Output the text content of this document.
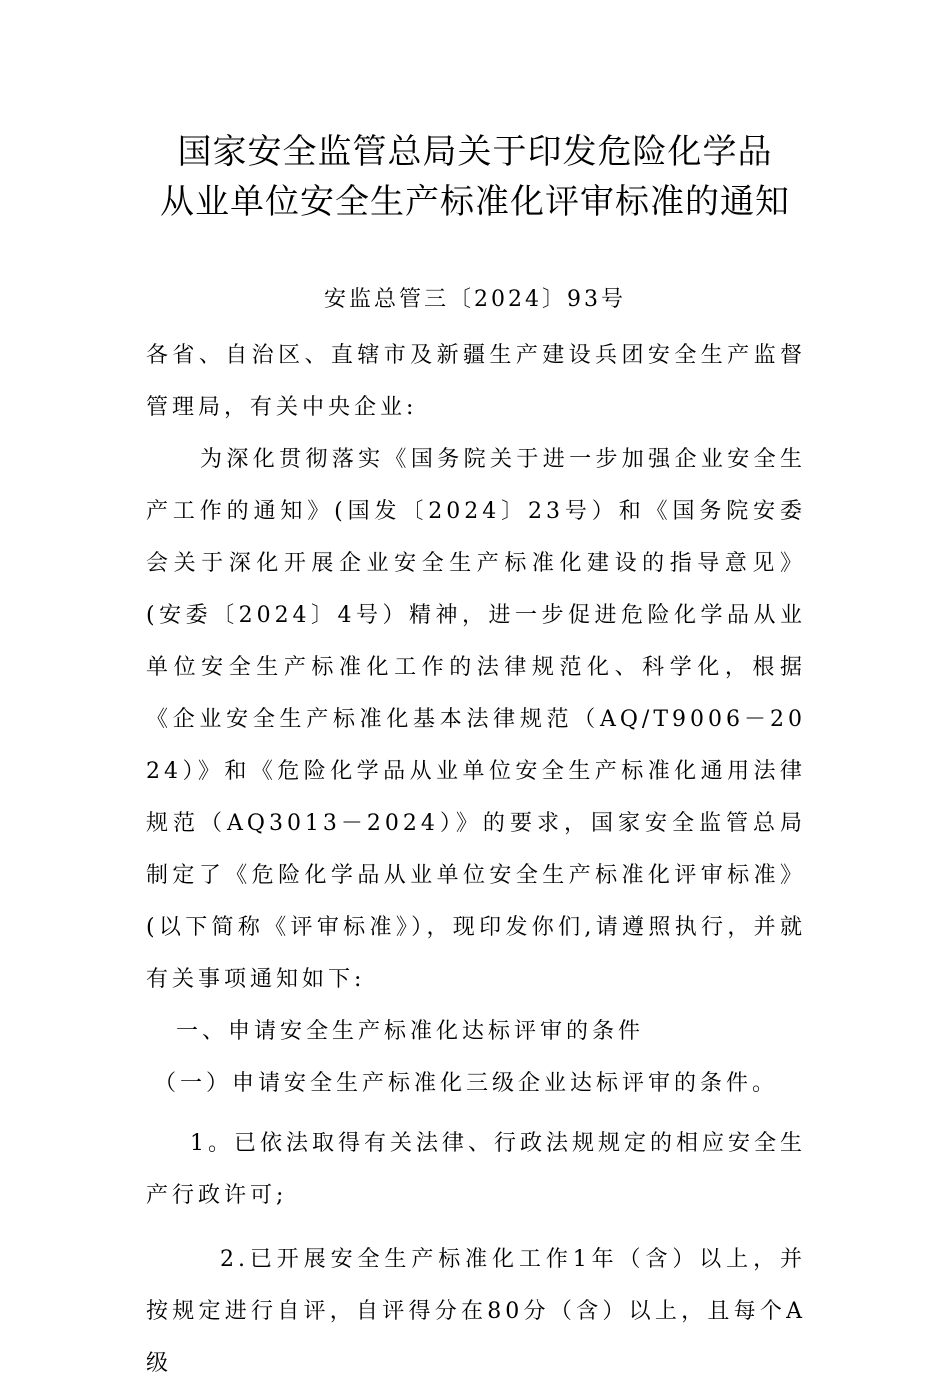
国家安全监管总局关于印发危险化学品
从业单位安全生产标准化评审标准的通知
安监总管三〔2024〕93号

各省、自治区、直辖市及新疆生产建设兵团安全生产监督管理局，有关中央企业:

为深化贯彻落实《国务院关于进一步加强企业安全生产工作的通知》(国发〔2024〕23号）和《国务院安委会关于深化开展企业安全生产标准化建设的指导意见》(安委〔2024〕4号）精神，进一步促进危险化学品从业单位安全生产标准化工作的法律规范化、科学化，根据《企业安全生产标准化基本法律规范（AQ/T9006－2024）》和《危险化学品从业单位安全生产标准化通用法律规范（AQ3013－2024）》的要求，国家安全监管总局制定了《危险化学品从业单位安全生产标准化评审标准》(以下简称《评审标准》），现印发你们,请遵照执行，并就有关事项通知如下:

一、申请安全生产标准化达标评审的条件

（一）申请安全生产标准化三级企业达标评审的条件。

1。已依法取得有关法律、行政法规规定的相应安全生产行政许可;

2.已开展安全生产标准化工作1年（含）以上，并按规定进行自评，自评得分在80分（含）以上，且每个A级
